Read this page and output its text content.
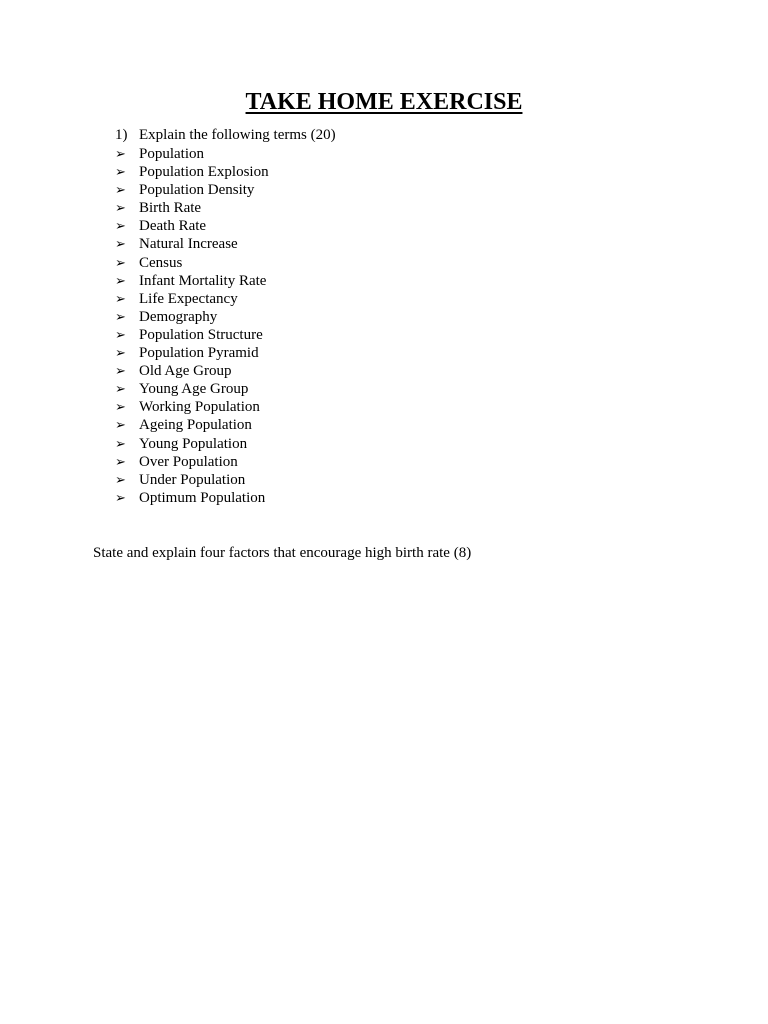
TAKE HOME EXERCISE
1) Explain the following terms (20)
➢ Population
➢ Population Explosion
➢ Population Density
➢ Birth Rate
➢ Death Rate
➢ Natural Increase
➢ Census
➢ Infant Mortality Rate
➢ Life Expectancy
➢ Demography
➢ Population Structure
➢ Population Pyramid
➢ Old Age Group
➢ Young Age Group
➢ Working Population
➢ Ageing Population
➢ Young Population
➢ Over Population
➢ Under Population
➢ Optimum Population
State and explain four factors that encourage high birth rate (8)
